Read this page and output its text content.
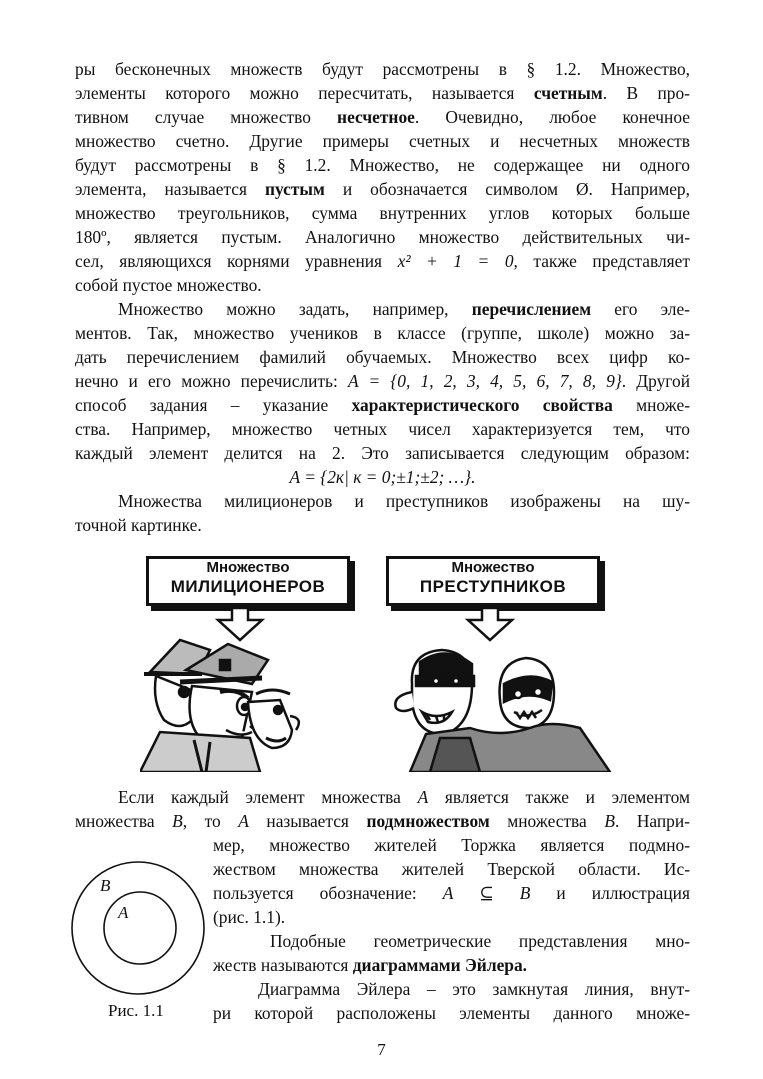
ры бесконечных множеств будут рассмотрены в § 1.2. Множество,
элементы которого можно пересчитать, называется счетным. В про-
тивном случае множество несчетное. Очевидно, любое конечное
множество счетно. Другие примеры счетных и несчетных множеств
будут рассмотрены в § 1.2. Множество, не содержащее ни одного
элемента, называется пустым и обозначается символом Ø. Например,
множество треугольников, сумма внутренних углов которых больше
180º, является пустым. Аналогично множество действительных чи-
сел, являющихся корнями уравнения x² + 1 = 0, также представляет
собой пустое множество.
Множество можно задать, например, перечислением его эле-
ментов. Так, множество учеников в классе (группе, школе) можно за-
дать перечислением фамилий обучаемых. Множество всех цифр ко-
нечно и его можно перечислить: A = {0, 1, 2, 3, 4, 5, 6, 7, 8, 9}. Другой
способ задания – указание характеристического свойства множе-
ства. Например, множество четных чисел характеризуется тем, что
каждый элемент делится на 2. Это записывается следующим образом:
A = {2к| к = 0;±1;±2; …}.
Множества милиционеров и преступников изображены на шу-
точной картинке.
Множество
МИЛИЦИОНЕРОВ
Множество
ПРЕСТУПНИКОВ
Если каждый элемент множества A является также и элементом
множества B, то A называется подмножеством множества B. Напри-
мер, множество жителей Торжка является подмно-
жеством множества жителей Тверской области. Ис-
пользуется обозначение: A ⊆ B и иллюстрация
(рис. 1.1).
Подобные геометрические представления мно-
жеств называются диаграммами Эйлера.
Диаграмма Эйлера – это замкнутая линия, внут-
ри которой расположены элементы данного множе-
B
A
Рис. 1.1
7
